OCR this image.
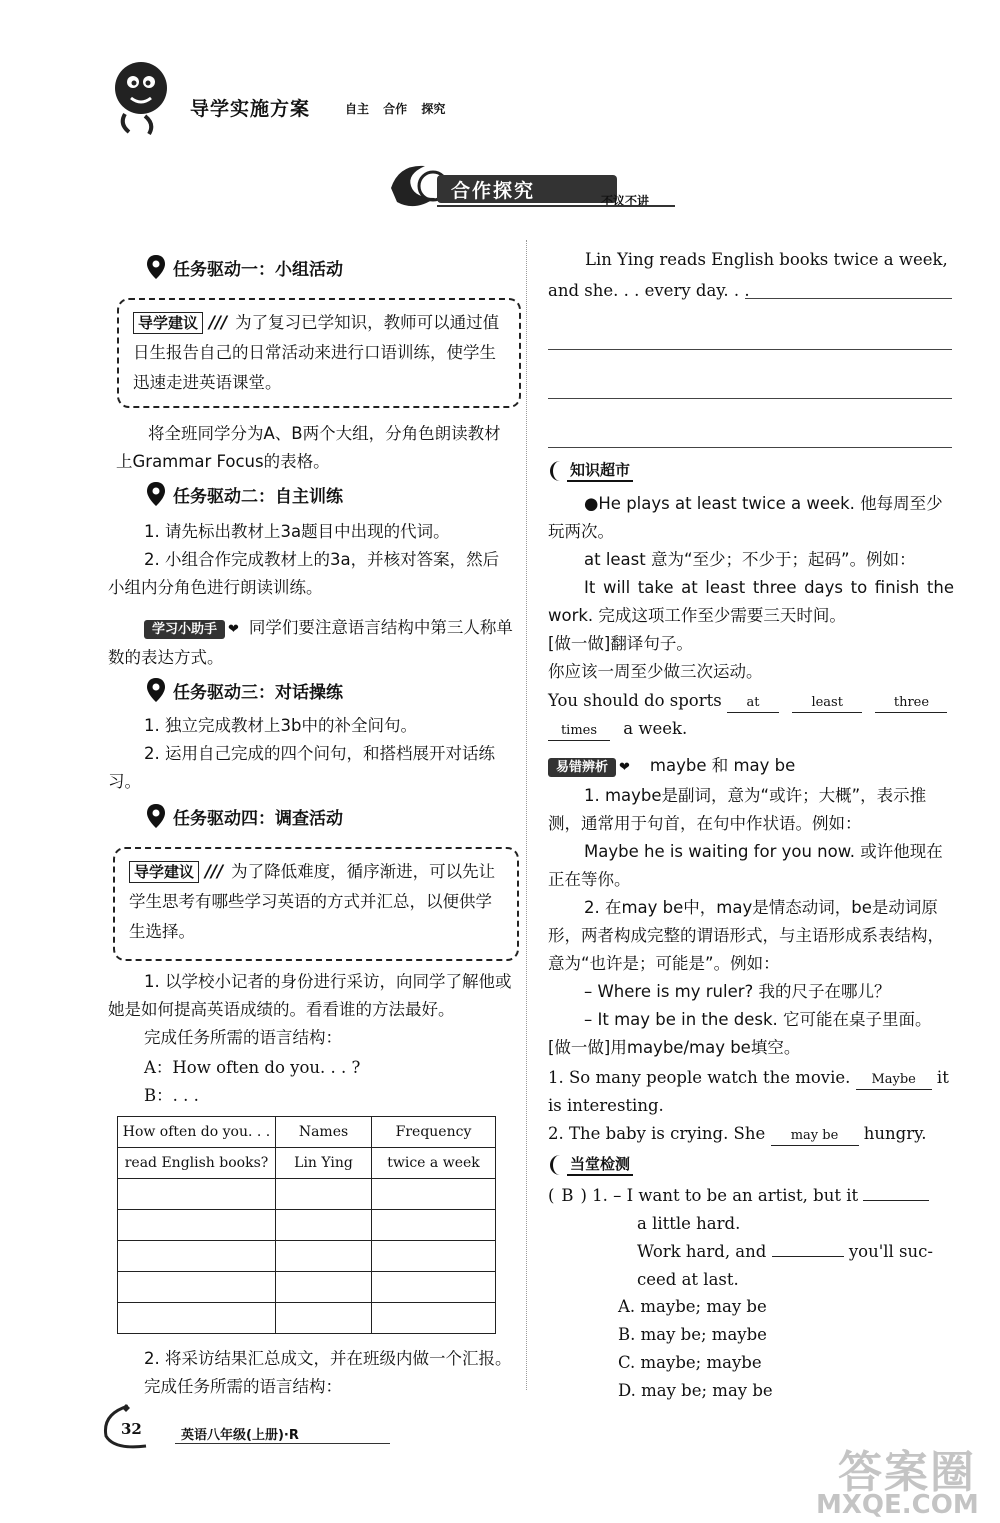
导学实施方案	自主 合作 探究
合作探究	不议不讲
任务驱动一：小组活动
导学建议 /// 为了复习已学知识，教师可以通过值日生报告自己的日常活动来进行口语训练，使学生迅速走进英语课堂。
将全班同学分为A、B两个大组，分角色朗读教材上Grammar Focus的表格。
任务驱动二：自主训练
1. 请先标出教材上3a题目中出现的代词。
2. 小组合作完成教材上的3a，并核对答案，然后小组内分角色进行朗读训练。
学习小助手 ❤ 同学们要注意语言结构中第三人称单数的表达方式。
任务驱动三：对话操练
1. 独立完成教材上3b中的补全问句。
2. 运用自己完成的四个问句，和搭档展开对话练习。
任务驱动四：调查活动
导学建议 /// 为了降低难度，循序渐进，可以先让学生思考有哪些学习英语的方式并汇总，以便供学生选择。
1. 以学校小记者的身份进行采访，向同学了解他或她是如何提高英语成绩的。看看谁的方法最好。
完成任务所需的语言结构：
A：How often do you. . . ?
B：. . .
How often do you. . .	Names	Frequency
read English books?	Lin Ying	twice a week

2. 将采访结果汇总成文，并在班级内做一个汇报。
完成任务所需的语言结构：
Lin Ying reads English books twice a week,
and she. . . every day. . .
知识超市
●He plays at least twice a week. 他每周至少玩两次。
at least 意为“至少；不少于；起码”。例如：
It will take at least three days to finish the work. 完成这项工作至少需要三天时间。
[做一做]翻译句子。
你应该一周至少做三次运动。
You should do sports at	least	three
times a week.
易错辨析 ❤ maybe 和 may be
1. maybe是副词，意为“或许；大概”，表示推测，通常用于句首，在句中作状语。例如：
Maybe he is waiting for you now. 或许他现在正在等你。
2. 在may be中，may是情态动词，be是动词原形，两者构成完整的谓语形式，与主语形成系表结构，意为“也许是；可能是”。例如：
– Where is my ruler? 我的尺子在哪儿？
– It may be in the desk. 它可能在桌子里面。
[做一做]用maybe/may be填空。
1. So many people watch the movie. Maybe it is interesting.
2. The baby is crying. She may be hungry.
当堂检测
( B ) 1. – I want to be an artist, but it
a little hard.
Work hard, and	you'll suc-
ceed at last.
A. maybe; may be
B. may be; maybe
C. maybe; maybe
D. may be; may be
32	英语八年级(上册)·R
答案圈
MXQE.COM
